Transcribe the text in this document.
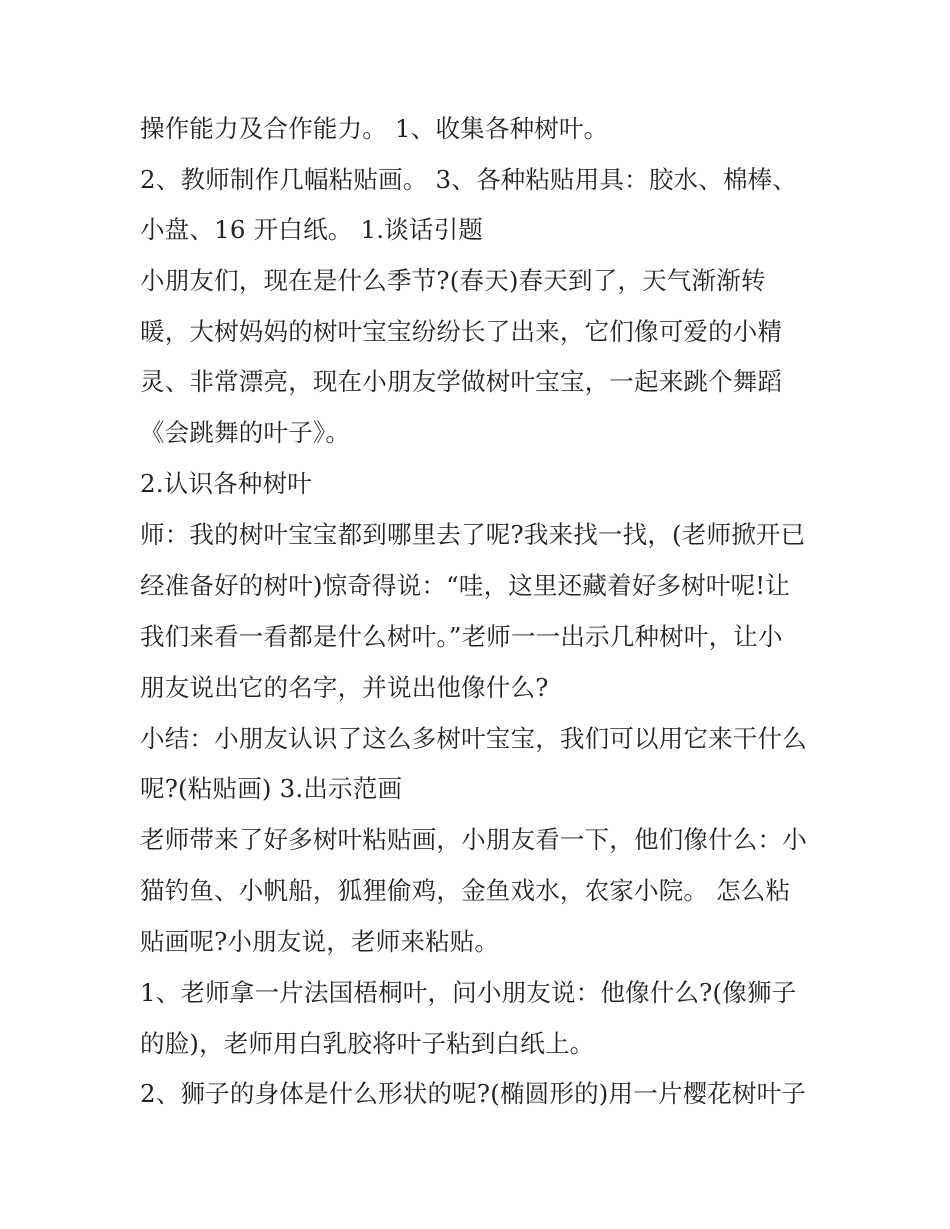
操作能力及合作能力。 1、收集各种树叶。
2、教师制作几幅粘贴画。 3、各种粘贴用具：胶水、棉棒、
小盘、16 开白纸。 1.谈话引题
小朋友们，现在是什么季节?(春天)春天到了，天气渐渐转
暖，大树妈妈的树叶宝宝纷纷长了出来，它们像可爱的小精
灵、非常漂亮，现在小朋友学做树叶宝宝，一起来跳个舞蹈
《会跳舞的叶子》。
2.认识各种树叶
师：我的树叶宝宝都到哪里去了呢?我来找一找，(老师掀开已
经准备好的树叶)惊奇得说：“哇，这里还藏着好多树叶呢!让
我们来看一看都是什么树叶。”老师一一出示几种树叶，让小
朋友说出它的名字，并说出他像什么?
小结：小朋友认识了这么多树叶宝宝，我们可以用它来干什么
呢?(粘贴画) 3.出示范画
老师带来了好多树叶粘贴画，小朋友看一下，他们像什么：小
猫钓鱼、小帆船，狐狸偷鸡，金鱼戏水，农家小院。 怎么粘
贴画呢?小朋友说，老师来粘贴。
1、老师拿一片法国梧桐叶，问小朋友说：他像什么?(像狮子
的脸)，老师用白乳胶将叶子粘到白纸上。
2、狮子的身体是什么形状的呢?(椭圆形的)用一片樱花树叶子
